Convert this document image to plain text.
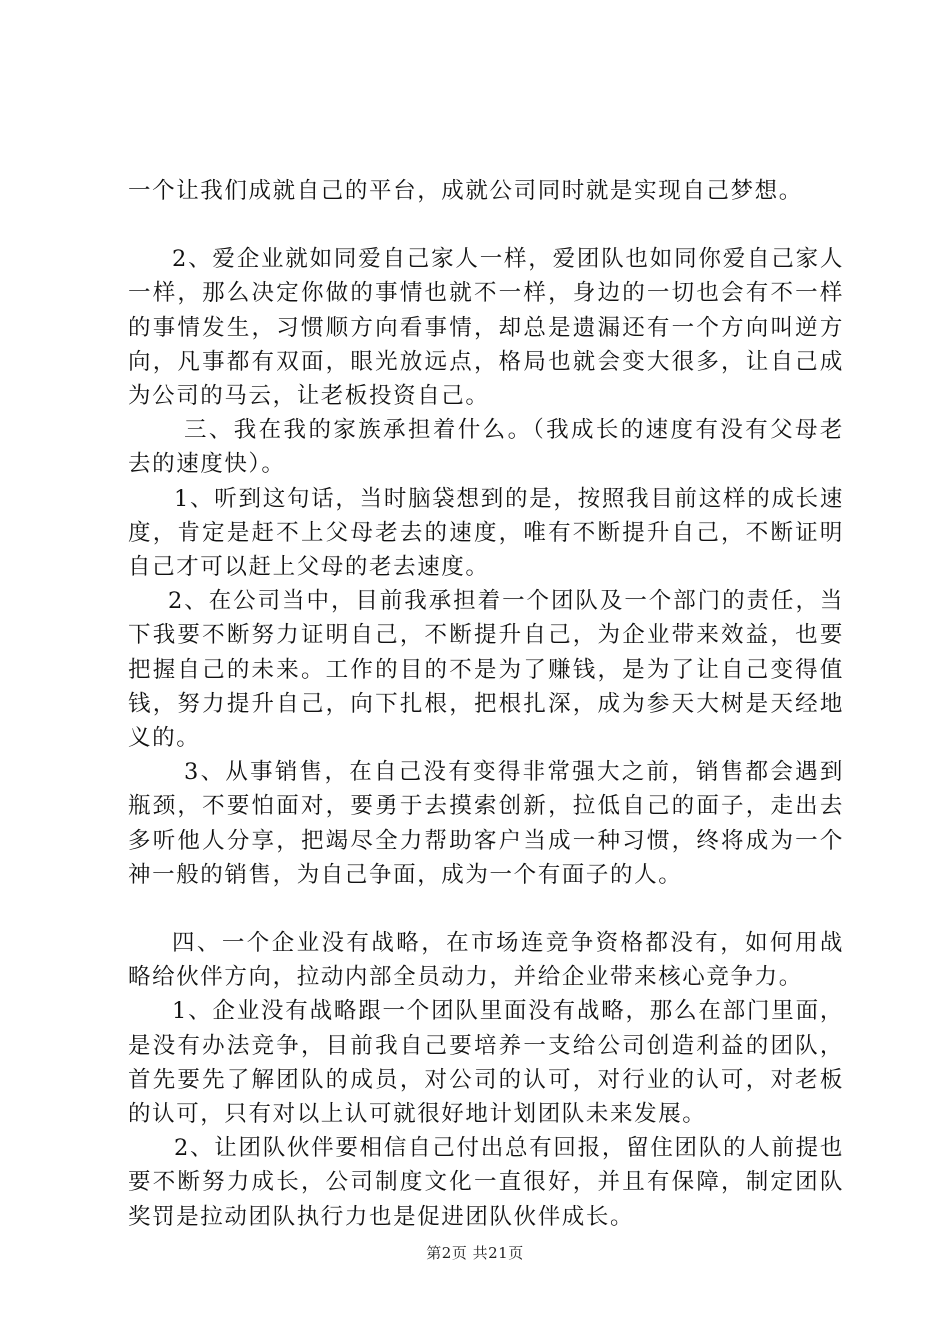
一个让我们成就自己的平台，成就公司同时就是实现自己梦想。

2、爱企业就如同爱自己家人一样，爱团队也如同你爱自己家人一样，那么决定你做的事情也就不一样，身边的一切也会有不一样的事情发生，习惯顺方向看事情，却总是遗漏还有一个方向叫逆方向，凡事都有双面，眼光放远点，格局也就会变大很多，让自己成为公司的马云，让老板投资自己。

三、我在我的家族承担着什么。（我成长的速度有没有父母老去的速度快）。

1、听到这句话，当时脑袋想到的是，按照我目前这样的成长速度，肯定是赶不上父母老去的速度，唯有不断提升自己，不断证明自己才可以赶上父母的老去速度。

2、在公司当中，目前我承担着一个团队及一个部门的责任，当下我要不断努力证明自己，不断提升自己，为企业带来效益，也要把握自己的未来。工作的目的不是为了赚钱，是为了让自己变得值钱，努力提升自己，向下扎根，把根扎深，成为参天大树是天经地义的。

3、从事销售，在自己没有变得非常强大之前，销售都会遇到瓶颈，不要怕面对，要勇于去摸索创新，拉低自己的面子，走出去多听他人分享，把竭尽全力帮助客户当成一种习惯，终将成为一个神一般的销售，为自己争面，成为一个有面子的人。

四、一个企业没有战略，在市场连竞争资格都没有，如何用战略给伙伴方向，拉动内部全员动力，并给企业带来核心竞争力。

1、企业没有战略跟一个团队里面没有战略，那么在部门里面，是没有办法竞争，目前我自己要培养一支给公司创造利益的团队，首先要先了解团队的成员，对公司的认可，对行业的认可，对老板的认可，只有对以上认可就很好地计划团队未来发展。

2、让团队伙伴要相信自己付出总有回报，留住团队的人前提也要不断努力成长，公司制度文化一直很好，并且有保障，制定团队奖罚是拉动团队执行力也是促进团队伙伴成长。

第2页 共21页
